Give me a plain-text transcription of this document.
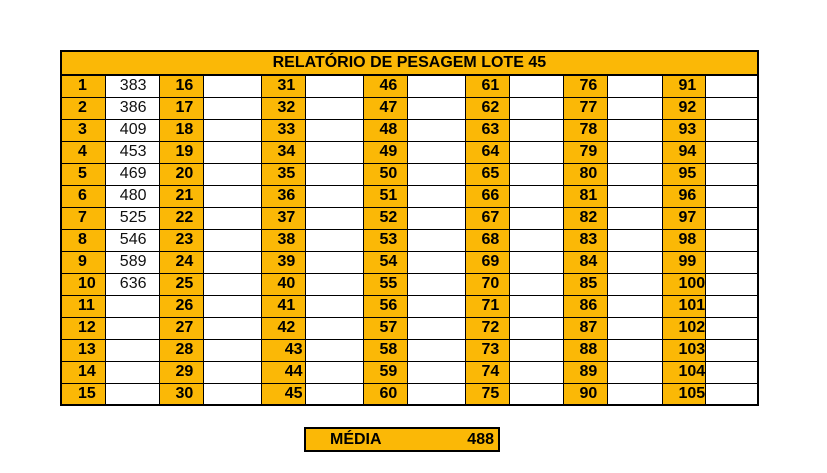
RELATÓRIO DE PESAGEM LOTE 45													
1	383	16		31		46		61		76		91	
2	386	17		32		47		62		77		92	
3	409	18		33		48		63		78		93	
4	453	19		34		49		64		79		94	
5	469	20		35		50		65		80		95	
6	480	21		36		51		66		81		96	
7	525	22		37		52		67		82		97	
8	546	23		38		53		68		83		98	
9	589	24		39		54		69		84		99	
10	636	25		40		55		70		85		100	
11		26		41		56		71		86		101	
12		27		42		57		72		87		102	
13		28		43		58		73		88		103	
14		29		44		59		74		89		104	
15		30		45		60		75		90		105	
MÉDIA	488
